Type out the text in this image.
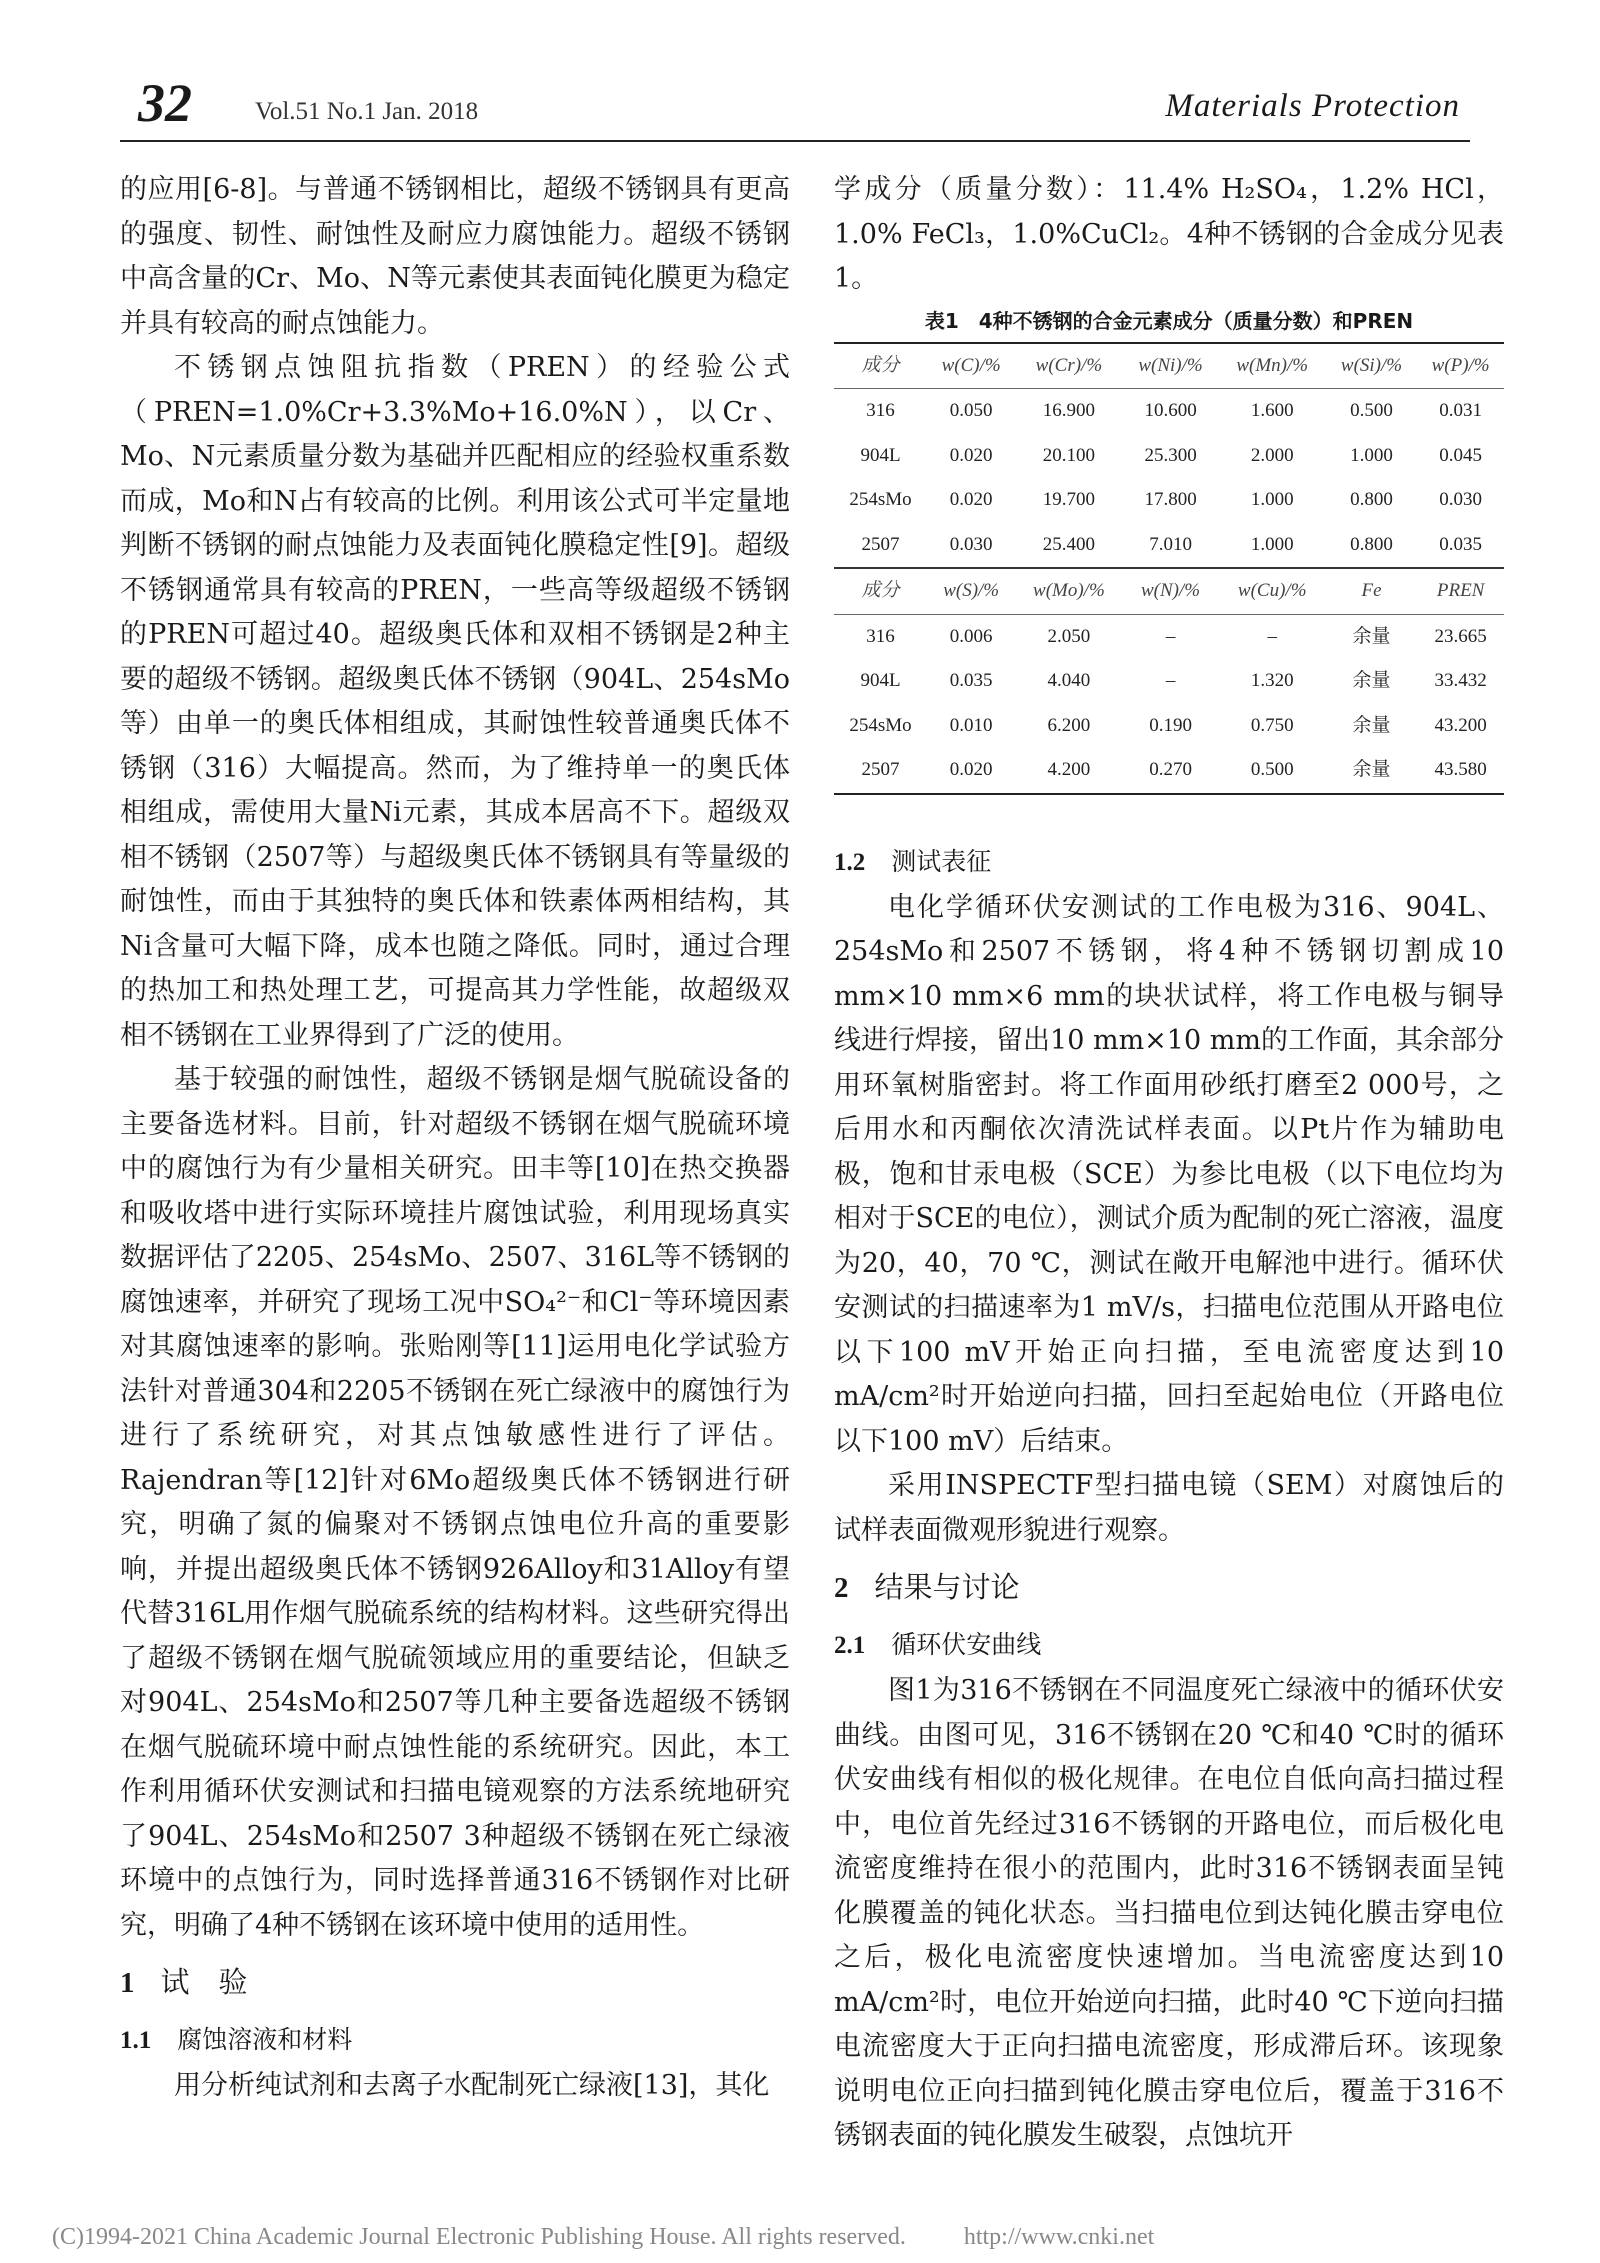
32	Vol.51 No.1 Jan. 2018	Materials Protection

的应用[6-8]。与普通不锈钢相比，超级不锈钢具有更高的强度、韧性、耐蚀性及耐应力腐蚀能力。超级不锈钢中高含量的Cr、Mo、N等元素使其表面钝化膜更为稳定并具有较高的耐点蚀能力。

不锈钢点蚀阻抗指数（PREN）的经验公式（PREN=1.0%Cr+3.3%Mo+16.0%N），以Cr、Mo、N元素质量分数为基础并匹配相应的经验权重系数而成，Mo和N占有较高的比例。利用该公式可半定量地判断不锈钢的耐点蚀能力及表面钝化膜稳定性[9]。超级不锈钢通常具有较高的PREN，一些高等级超级不锈钢的PREN可超过40。超级奥氏体和双相不锈钢是2种主要的超级不锈钢。超级奥氏体不锈钢（904L、254sMo等）由单一的奥氏体相组成，其耐蚀性较普通奥氏体不锈钢（316）大幅提高。然而，为了维持单一的奥氏体相组成，需使用大量Ni元素，其成本居高不下。超级双相不锈钢（2507等）与超级奥氏体不锈钢具有等量级的耐蚀性，而由于其独特的奥氏体和铁素体两相结构，其Ni含量可大幅下降，成本也随之降低。同时，通过合理的热加工和热处理工艺，可提高其力学性能，故超级双相不锈钢在工业界得到了广泛的使用。

基于较强的耐蚀性，超级不锈钢是烟气脱硫设备的主要备选材料。目前，针对超级不锈钢在烟气脱硫环境中的腐蚀行为有少量相关研究。田丰等[10]在热交换器和吸收塔中进行实际环境挂片腐蚀试验，利用现场真实数据评估了2205、254sMo、2507、316L等不锈钢的腐蚀速率，并研究了现场工况中SO₄²⁻和Cl⁻等环境因素对其腐蚀速率的影响。张贻刚等[11]运用电化学试验方法针对普通304和2205不锈钢在死亡绿液中的腐蚀行为进行了系统研究，对其点蚀敏感性进行了评估。Rajendran等[12]针对6Mo超级奥氏体不锈钢进行研究，明确了氮的偏聚对不锈钢点蚀电位升高的重要影响，并提出超级奥氏体不锈钢926Alloy和31Alloy有望代替316L用作烟气脱硫系统的结构材料。这些研究得出了超级不锈钢在烟气脱硫领域应用的重要结论，但缺乏对904L、254sMo和2507等几种主要备选超级不锈钢在烟气脱硫环境中耐点蚀性能的系统研究。因此，本工作利用循环伏安测试和扫描电镜观察的方法系统地研究了904L、254sMo和2507 3种超级不锈钢在死亡绿液环境中的点蚀行为，同时选择普通316不锈钢作对比研究，明确了4种不锈钢在该环境中使用的适用性。

1 试　验
1.1 腐蚀溶液和材料

用分析纯试剂和去离子水配制死亡绿液[13]，其化

学成分（质量分数）：11.4% H₂SO₄，1.2% HCl，1.0% FeCl₃，1.0%CuCl₂。4种不锈钢的合金成分见表1。

表1　4种不锈钢的合金元素成分（质量分数）和PREN
成分	w(C)/%	w(Cr)/%	w(Ni)/%	w(Mn)/%	w(Si)/%	w(P)/%
316	0.050	16.900	10.600	1.600	0.500	0.031
904L	0.020	20.100	25.300	2.000	1.000	0.045
254sMo	0.020	19.700	17.800	1.000	0.800	0.030
2507	0.030	25.400	7.010	1.000	0.800	0.035
成分	w(S)/%	w(Mo)/%	w(N)/%	w(Cu)/%	Fe	PREN
316	0.006	2.050	–	–	余量	23.665
904L	0.035	4.040	–	1.320	余量	33.432
254sMo	0.010	6.200	0.190	0.750	余量	43.200
2507	0.020	4.200	0.270	0.500	余量	43.580
1.2 测试表征

电化学循环伏安测试的工作电极为316、904L、254sMo和2507不锈钢，将4种不锈钢切割成10 mm×10 mm×6 mm的块状试样，将工作电极与铜导线进行焊接，留出10 mm×10 mm的工作面，其余部分用环氧树脂密封。将工作面用砂纸打磨至2 000号，之后用水和丙酮依次清洗试样表面。以Pt片作为辅助电极，饱和甘汞电极（SCE）为参比电极（以下电位均为相对于SCE的电位），测试介质为配制的死亡溶液，温度为20，40，70 ℃，测试在敞开电解池中进行。循环伏安测试的扫描速率为1 mV/s，扫描电位范围从开路电位以下100 mV开始正向扫描，至电流密度达到10 mA/cm²时开始逆向扫描，回扫至起始电位（开路电位以下100 mV）后结束。

采用INSPECTF型扫描电镜（SEM）对腐蚀后的试样表面微观形貌进行观察。

2 结果与讨论
2.1 循环伏安曲线

图1为316不锈钢在不同温度死亡绿液中的循环伏安曲线。由图可见，316不锈钢在20 ℃和40 ℃时的循环伏安曲线有相似的极化规律。在电位自低向高扫描过程中，电位首先经过316不锈钢的开路电位，而后极化电流密度维持在很小的范围内，此时316不锈钢表面呈钝化膜覆盖的钝化状态。当扫描电位到达钝化膜击穿电位之后，极化电流密度快速增加。当电流密度达到10 mA/cm²时，电位开始逆向扫描，此时40 ℃下逆向扫描电流密度大于正向扫描电流密度，形成滞后环。该现象说明电位正向扫描到钝化膜击穿电位后，覆盖于316不锈钢表面的钝化膜发生破裂，点蚀坑开

(C)1994-2021 China Academic Journal Electronic Publishing House. All rights reserved. http://www.cnki.net
